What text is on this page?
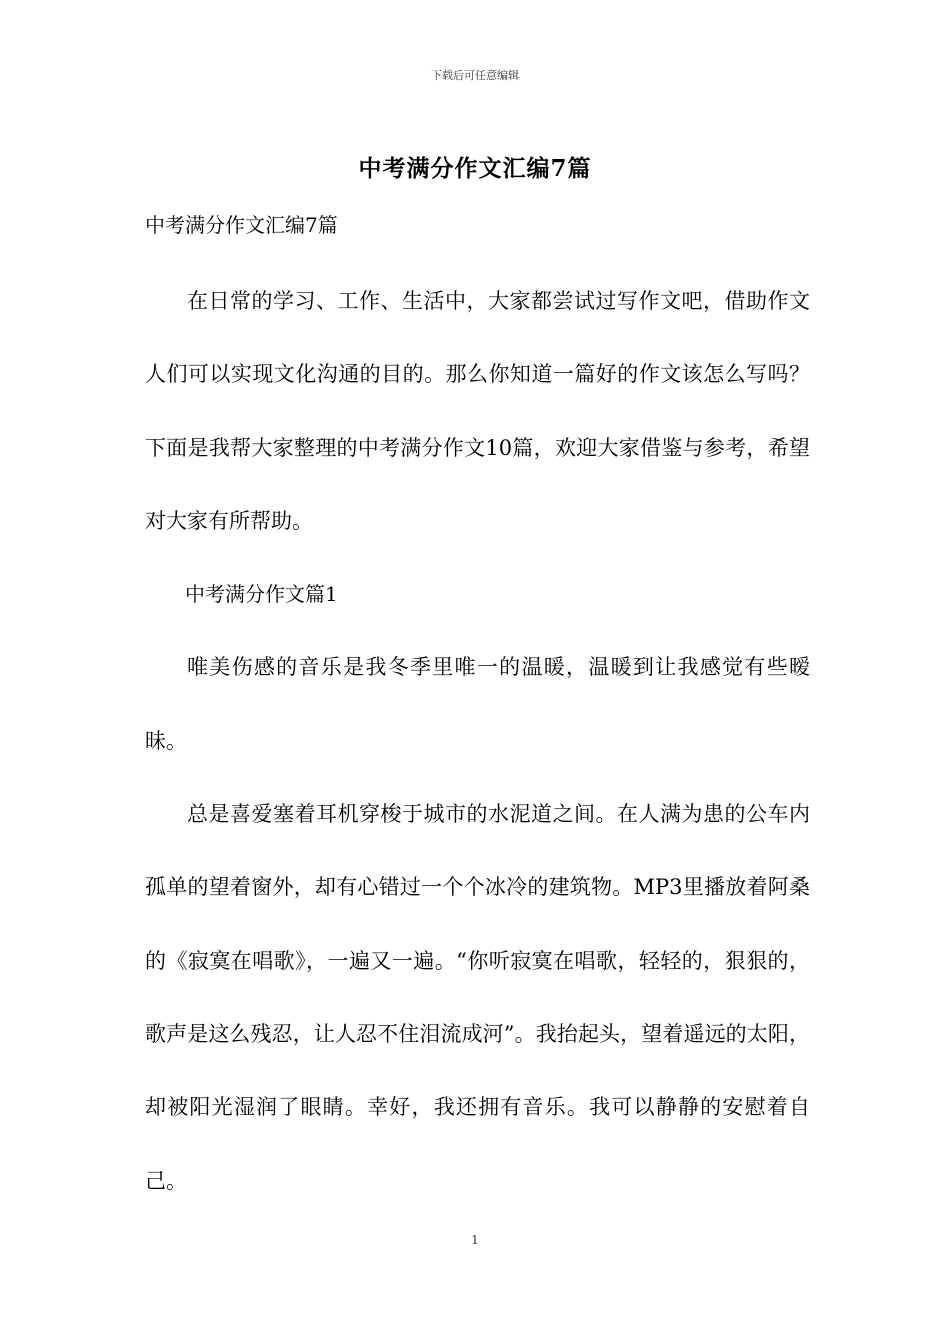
下载后可任意编辑
中考满分作文汇编7篇
中考满分作文汇编7篇

在日常的学习、工作、生活中，大家都尝试过写作文吧，借助作文人们可以实现文化沟通的目的。那么你知道一篇好的作文该怎么写吗？下面是我帮大家整理的中考满分作文10篇，欢迎大家借鉴与参考，希望对大家有所帮助。

中考满分作文篇1

唯美伤感的音乐是我冬季里唯一的温暖，温暖到让我感觉有些暧昧。

总是喜爱塞着耳机穿梭于城市的水泥道之间。在人满为患的公车内孤单的望着窗外，却有心错过一个个冰冷的建筑物。MP3里播放着阿桑的《寂寞在唱歌》，一遍又一遍。“你听寂寞在唱歌，轻轻的，狠狠的，歌声是这么残忍，让人忍不住泪流成河”。我抬起头，望着遥远的太阳，却被阳光湿润了眼睛。幸好，我还拥有音乐。我可以静静的安慰着自己。

1
